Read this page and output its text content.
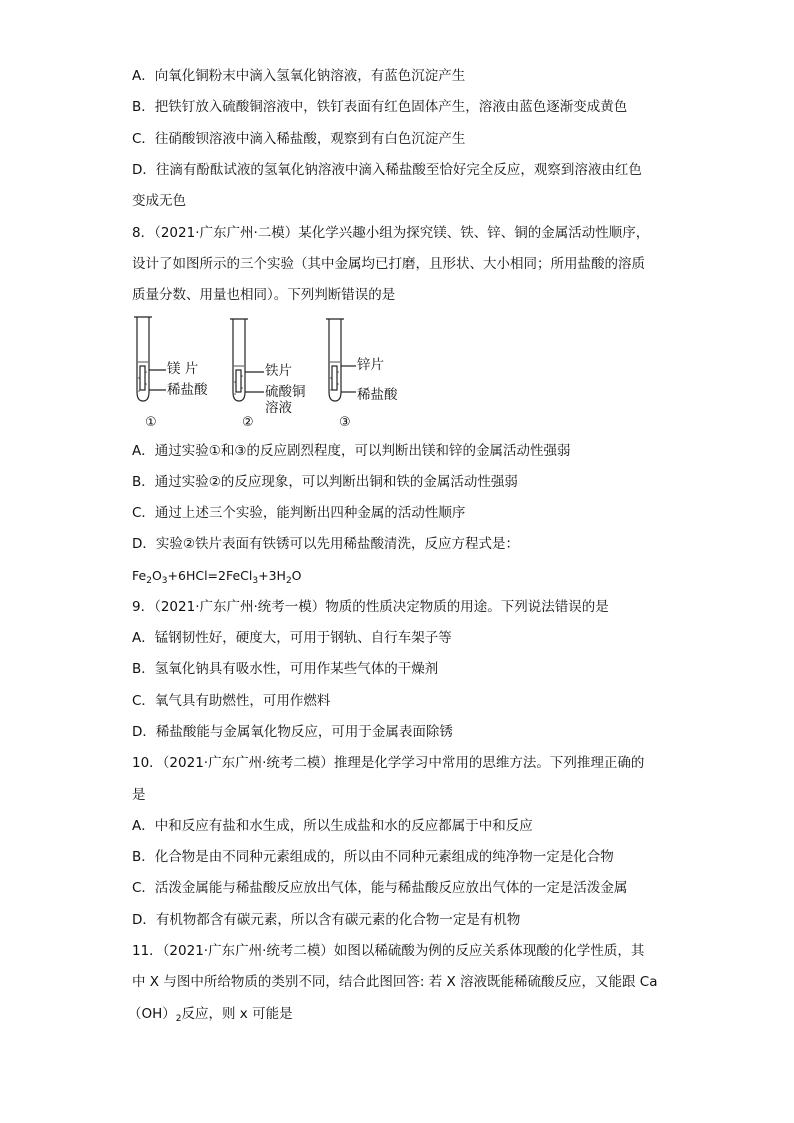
A．向氧化铜粉末中滴入氢氧化钠溶液，有蓝色沉淀产生
B．把铁钉放入硫酸铜溶液中，铁钉表面有红色固体产生，溶液由蓝色逐渐变成黄色
C．往硝酸钡溶液中滴入稀盐酸，观察到有白色沉淀产生
D．往滴有酚酞试液的氢氧化钠溶液中滴入稀盐酸至恰好完全反应，观察到溶液由红色
变成无色
8．（2021·广东广州·二模）某化学兴趣小组为探究镁、铁、锌、铜的金属活动性顺序，
设计了如图所示的三个实验（其中金属均已打磨，且形状、大小相同；所用盐酸的溶质
质量分数、用量也相同）。下列判断错误的是
镁 片
稀盐酸
铁片
硫酸铜
溶液
锌片
稀盐酸
①	②	③
A．通过实验①和③的反应剧烈程度，可以判断出镁和锌的金属活动性强弱
B．通过实验②的反应现象，可以判断出铜和铁的金属活动性强弱
C．通过上述三个实验，能判断出四种金属的活动性顺序
D．实验②铁片表面有铁锈可以先用稀盐酸清洗，反应方程式是：
$Fe_2O_3+6HCl=2FeCl_3+3H_2O$
9．（2021·广东广州·统考一模）物质的性质决定物质的用途。下列说法错误的是
A．锰钢韧性好，硬度大，可用于钢轨、自行车架子等
B．氢氧化钠具有吸水性，可用作某些气体的干燥剂
C．氧气具有助燃性，可用作燃料
D．稀盐酸能与金属氧化物反应，可用于金属表面除锈
10．（2021·广东广州·统考二模）推理是化学学习中常用的思维方法。下列推理正确的
是
A．中和反应有盐和水生成，所以生成盐和水的反应都属于中和反应
B．化合物是由不同种元素组成的，所以由不同种元素组成的纯净物一定是化合物
C．活泼金属能与稀盐酸反应放出气体，能与稀盐酸反应放出气体的一定是活泼金属
D．有机物都含有碳元素，所以含有碳元素的化合物一定是有机物
11．（2021·广东广州·统考二模）如图以稀硫酸为例的反应关系体现酸的化学性质，其
中 X 与图中所给物质的类别不同，结合此图回答: 若 X 溶液既能稀硫酸反应，又能跟 Ca
$(OH)_2$反应，则 x 可能是
